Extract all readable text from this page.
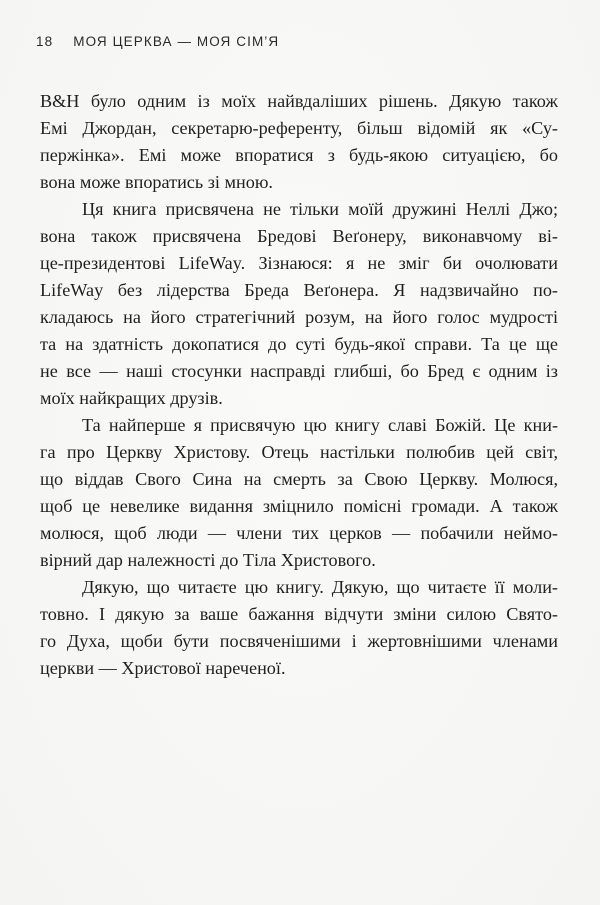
18 МОЯ ЦЕРКВА — МОЯ СІМ’Я
B&H було одним із моїх найвдаліших рішень. Дякую також
Емі Джордан, секретарю-референту, більш відомій як «Су-
пержінка». Емі може впоратися з будь-якою ситуацією, бо
вона може впоратись зі мною.
Ця книга присвячена не тільки моїй дружині Неллі Джо;
вона також присвячена Бредові Веґонеру, виконавчому ві-
це-президентові LifeWay. Зізнаюся: я не зміг би очолювати
LifeWay без лідерства Бреда Веґонера. Я надзвичайно по-
кладаюсь на його стратегічний розум, на його голос мудрості
та на здатність докопатися до суті будь-якої справи. Та це ще
не все — наші стосунки насправді глибші, бо Бред є одним із
моїх найкращих друзів.
Та найперше я присвячую цю книгу славі Божій. Це кни-
га про Церкву Христову. Отець настільки полюбив цей світ,
що віддав Свого Сина на смерть за Свою Церкву. Молюся,
щоб це невелике видання зміцнило помісні громади. А також
молюся, щоб люди — члени тих церков — побачили неймо-
вірний дар належності до Тіла Христового.
Дякую, що читаєте цю книгу. Дякую, що читаєте її моли-
товно. І дякую за ваше бажання відчути зміни силою Свято-
го Духа, щоби бути посвяченішими і жертовнішими членами
церкви — Христової нареченої.
